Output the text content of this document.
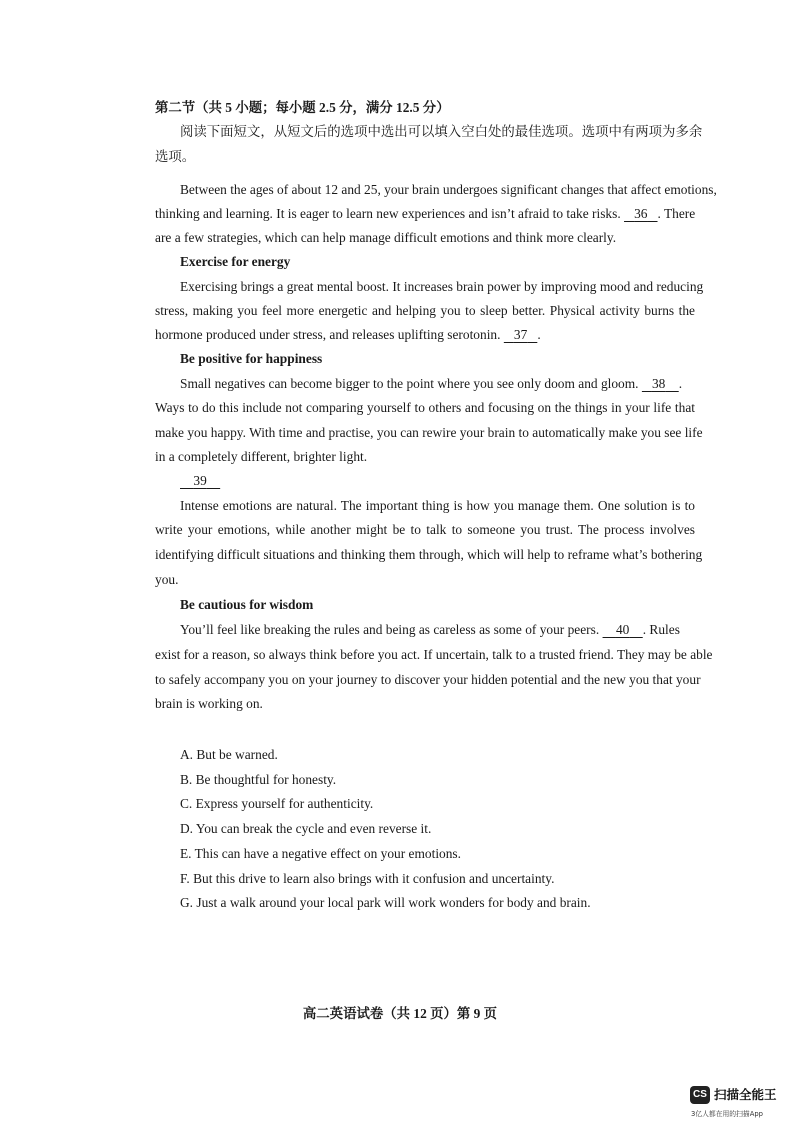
第二节（共 5 小题；每小题 2.5 分，满分 12.5 分）
阅读下面短文，从短文后的选项中选出可以填入空白处的最佳选项。选项中有两项为多余
选项。
Between the ages of about 12 and 25, your brain undergoes significant changes that affect emotions,
thinking and learning. It is eager to learn new experiences and isn’t afraid to take risks. 36 . There
are a few strategies, which can help manage difficult emotions and think more clearly.
Exercise for energy
Exercising brings a great mental boost. It increases brain power by improving mood and reducing
stress, making you feel more energetic and helping you to sleep better. Physical activity burns the
hormone produced under stress, and releases uplifting serotonin. 37 .
Be positive for happiness
Small negatives can become bigger to the point where you see only doom and gloom. 38 .
Ways to do this include not comparing yourself to others and focusing on the things in your life that
make you happy. With time and practise, you can rewire your brain to automatically make you see life
in a completely different, brighter light.
39
Intense emotions are natural. The important thing is how you manage them. One solution is to
write your emotions, while another might be to talk to someone you trust. The process involves
identifying difficult situations and thinking them through, which will help to reframe what’s bothering
you.
Be cautious for wisdom
You’ll feel like breaking the rules and being as careless as some of your peers. 40 . Rules
exist for a reason, so always think before you act. If uncertain, talk to a trusted friend. They may be able
to safely accompany you on your journey to discover your hidden potential and the new you that your
brain is working on.
A. But be warned.
B. Be thoughtful for honesty.
C. Express yourself for authenticity.
D. You can break the cycle and even reverse it.
E. This can have a negative effect on your emotions.
F. But this drive to learn also brings with it confusion and uncertainty.
G. Just a walk around your local park will work wonders for body and brain.
高二英语试卷（共 12 页）第 9 页
CS 扫描全能王
3亿人都在用的扫描App
